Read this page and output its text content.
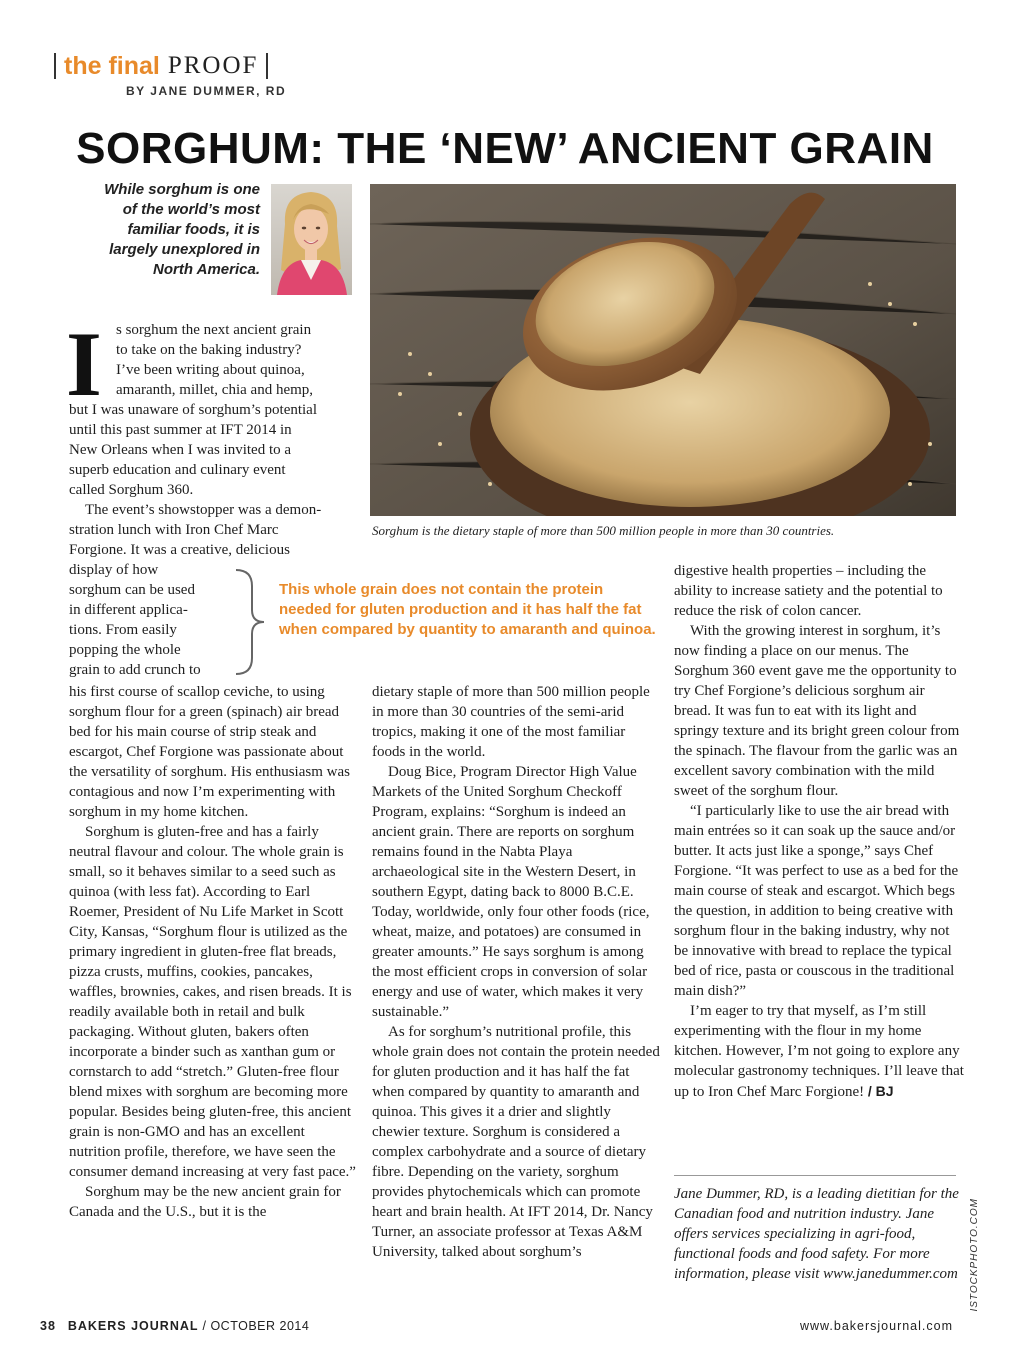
the final PROOF
BY JANE DUMMER, RD
SORGHUM: THE ‘NEW’ ANCIENT GRAIN
While sorghum is one of the world’s most familiar foods, it is largely unexplored in North America.
Sorghum is the dietary staple of more than 500 million people in more than 30 countries.
I s sorghum the next ancient grain
to take on the baking industry?
I’ve been writing about quinoa,
amaranth, millet, chia and hemp,
but I was unaware of sorghum’s potential
until this past summer at IFT 2014 in
New Orleans when I was invited to a
superb education and culinary event
called Sorghum 360.
The event’s showstopper was a demon-
stration lunch with Iron Chef Marc
Forgione. It was a creative, delicious
display of how
sorghum can be used
in different applica-
tions. From easily
popping the whole
grain to add crunch to
This whole grain does not contain the protein needed for gluten production and it has half the fat when compared by quantity to amaranth and quinoa.

his first course of scallop ceviche, to using sorghum flour for a green (spinach) air bread bed for his main course of strip steak and escargot, Chef Forgione was passionate about the versatility of sorghum. His enthusiasm was contagious and now I’m experimenting with sorghum in my home kitchen.

Sorghum is gluten-free and has a fairly neutral flavour and colour. The whole grain is small, so it behaves similar to a seed such as quinoa (with less fat). According to Earl Roemer, President of Nu Life Market in Scott City, Kansas, “Sorghum flour is utilized as the primary ingredient in gluten-free flat breads, pizza crusts, muffins, cookies, pancakes, waffles, brownies, cakes, and risen breads. It is readily available both in retail and bulk packaging. Without gluten, bakers often incorporate a binder such as xanthan gum or cornstarch to add “stretch.” Gluten-free flour blend mixes with sorghum are becoming more popular. Besides being gluten-free, this ancient grain is non-GMO and has an excellent nutrition profile, therefore, we have seen the consumer demand increasing at very fast pace.”

Sorghum may be the new ancient grain for Canada and the U.S., but it is the

dietary staple of more than 500 million people in more than 30 countries of the semi-arid tropics, making it one of the most familiar foods in the world.

Doug Bice, Program Director High Value Markets of the United Sorghum Checkoff Program, explains: “Sorghum is indeed an ancient grain. There are reports on sorghum remains found in the Nabta Playa archaeological site in the Western Desert, in southern Egypt, dating back to 8000 B.C.E. Today, worldwide, only four other foods (rice, wheat, maize, and potatoes) are consumed in greater amounts.” He says sorghum is among the most efficient crops in conversion of solar energy and use of water, which makes it very sustainable.”

As for sorghum’s nutritional profile, this whole grain does not contain the protein needed for gluten production and it has half the fat when compared by quantity to amaranth and quinoa. This gives it a drier and slightly chewier texture. Sorghum is considered a complex carbohydrate and a source of dietary fibre. Depending on the variety, sorghum provides phytochemicals which can promote heart and brain health. At IFT 2014, Dr. Nancy Turner, an associate professor at Texas A&M University, talked about sorghum’s

digestive health properties – including the ability to increase satiety and the potential to reduce the risk of colon cancer.

With the growing interest in sorghum, it’s now finding a place on our menus. The Sorghum 360 event gave me the opportunity to try Chef Forgione’s delicious sorghum air bread. It was fun to eat with its light and springy texture and its bright green colour from the spinach. The flavour from the garlic was an excellent savory combination with the mild sweet of the sorghum flour.

“I particularly like to use the air bread with main entrées so it can soak up the sauce and/or butter. It acts just like a sponge,” says Chef Forgione. “It was perfect to use as a bed for the main course of steak and escargot. Which begs the question, in addition to being creative with sorghum flour in the baking industry, why not be innovative with bread to replace the typical bed of rice, pasta or couscous in the traditional main dish?”

I’m eager to try that myself, as I’m still experimenting with the flour in my home kitchen. However, I’m not going to explore any molecular gastronomy techniques. I’ll leave that up to Iron Chef Marc Forgione! / BJ

Jane Dummer, RD, is a leading dietitian for the Canadian food and nutrition industry. Jane offers services specializing in agri-food, functional foods and food safety. For more information, please visit www.janedummer.com	ISTOCKPHOTO.COM
38 BAKERS JOURNAL / OCTOBER 2014	www.bakersjournal.com
